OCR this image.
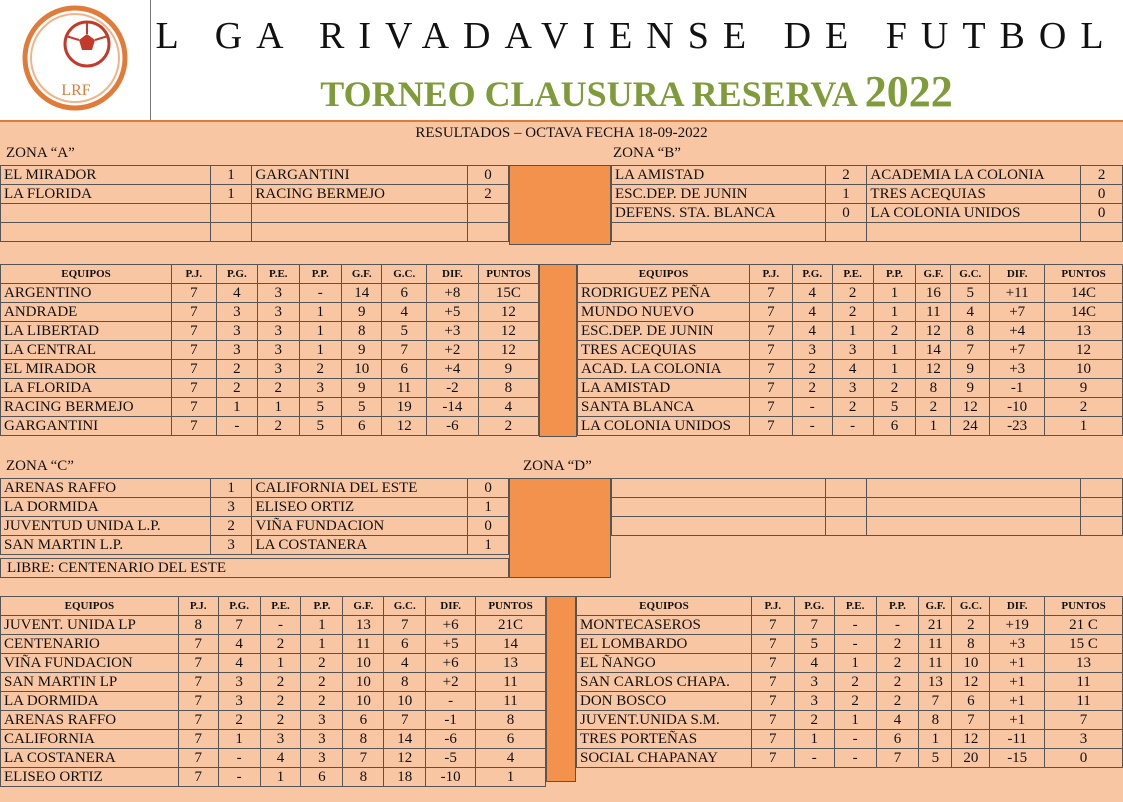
LRF
L GA RIVADAVIENSE DE FUTBOL
TORNEO CLAUSURA RESERVA 2022
RESULTADOS – OCTAVA FECHA 18-09-2022
ZONA “A”	ZONA “B”
EL MIRADOR	1	GARGANTINI	0
LA FLORIDA	1	RACING BERMEJO	2

LA AMISTAD	2	ACADEMIA LA COLONIA	2
ESC.DEP. DE JUNIN	1	TRES ACEQUIAS	0
DEFENS. STA. BLANCA	0	LA COLONIA UNIDOS	0

EQUIPOS	P.J.	P.G.	P.E.	P.P.	G.F.	G.C.	DIF.	PUNTOS
ARGENTINO	7	4	3	-	14	6	+8	15C
ANDRADE	7	3	3	1	9	4	+5	12
LA LIBERTAD	7	3	3	1	8	5	+3	12
LA CENTRAL	7	3	3	1	9	7	+2	12
EL MIRADOR	7	2	3	2	10	6	+4	9
LA FLORIDA	7	2	2	3	9	11	-2	8
RACING BERMEJO	7	1	1	5	5	19	-14	4
GARGANTINI	7	-	2	5	6	12	-6	2
EQUIPOS	P.J.	P.G.	P.E.	P.P.	G.F.	G.C.	DIF.	PUNTOS
RODRIGUEZ PEÑA	7	4	2	1	16	5	+11	14C
MUNDO NUEVO	7	4	2	1	11	4	+7	14C
ESC.DEP. DE JUNIN	7	4	1	2	12	8	+4	13
TRES ACEQUIAS	7	3	3	1	14	7	+7	12
ACAD. LA COLONIA	7	2	4	1	12	9	+3	10
LA AMISTAD	7	2	3	2	8	9	-1	9
SANTA BLANCA	7	-	2	5	2	12	-10	2
LA COLONIA UNIDOS	7	-	-	6	1	24	-23	1
ZONA “C”	ZONA “D”
ARENAS RAFFO	1	CALIFORNIA DEL ESTE	0
LA DORMIDA	3	ELISEO ORTIZ	1
JUVENTUD UNIDA L.P.	2	VIÑA FUNDACION	0
SAN MARTIN L.P.	3	LA COSTANERA	1
LIBRE: CENTENARIO DEL ESTE

EQUIPOS	P.J.	P.G.	P.E.	P.P.	G.F.	G.C.	DIF.	PUNTOS
JUVENT. UNIDA LP	8	7	-	1	13	7	+6	21C
CENTENARIO	7	4	2	1	11	6	+5	14
VIÑA FUNDACION	7	4	1	2	10	4	+6	13
SAN MARTIN LP	7	3	2	2	10	8	+2	11
LA DORMIDA	7	3	2	2	10	10	-	11
ARENAS RAFFO	7	2	2	3	6	7	-1	8
CALIFORNIA	7	1	3	3	8	14	-6	6
LA COSTANERA	7	-	4	3	7	12	-5	4
ELISEO ORTIZ	7	-	1	6	8	18	-10	1
EQUIPOS	P.J.	P.G.	P.E.	P.P.	G.F.	G.C.	DIF.	PUNTOS
MONTECASEROS	7	7	-	-	21	2	+19	21 C
EL LOMBARDO	7	5	-	2	11	8	+3	15 C
EL ÑANGO	7	4	1	2	11	10	+1	13
SAN CARLOS CHAPA.	7	3	2	2	13	12	+1	11
DON BOSCO	7	3	2	2	7	6	+1	11
JUVENT.UNIDA S.M.	7	2	1	4	8	7	+1	7
TRES PORTEÑAS	7	1	-	6	1	12	-11	3
SOCIAL CHAPANAY	7	-	-	7	5	20	-15	0
